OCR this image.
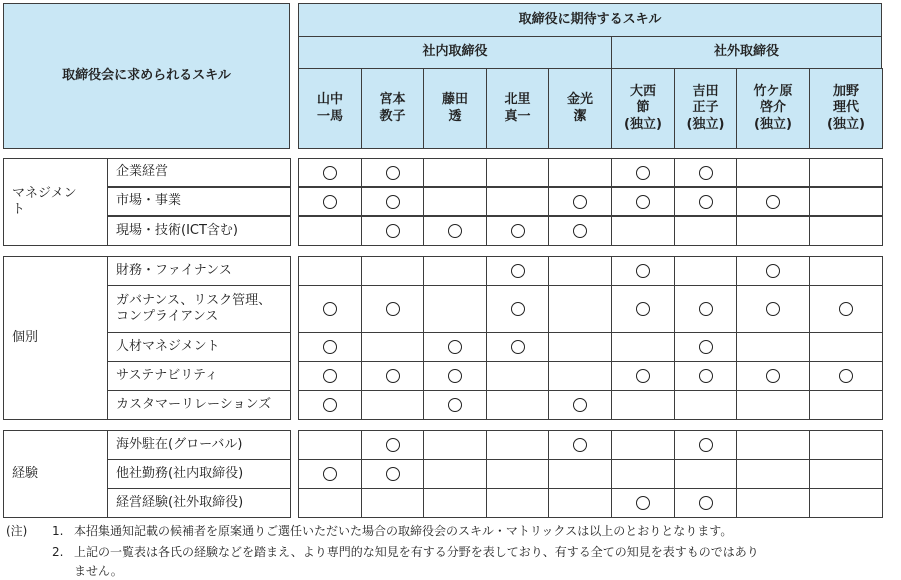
取締役会に求められるスキル
取締役に期待するスキル
社内取締役	社外取締役
山中
一馬
宮本
教子
藤田
透
北里
真一
金光
潔
大西
節
(独立)
吉田
正子
(独立)
竹ケ原
啓介
(独立)
加野
理代
(独立)
マネジメン
ト
企業経営
市場・事業
現場・技術(ICT含む)
個別
財務・ファイナンス
ガバナンス、リスク管理、
コンプライアンス
人材マネジメント
サステナビリティ
カスタマーリレーションズ
経験
海外駐在(グローバル)
他社勤務(社内取締役)
経営経験(社外取締役)
(注) 1. 本招集通知記載の候補者を原案通りご選任いただいた場合の取締役会のスキル・マトリックスは以上のとおりとなります。
2. 上記の一覧表は各氏の経験などを踏まえ、より専門的な知見を有する分野を表しており、有する全ての知見を表すものではあり
ません。
